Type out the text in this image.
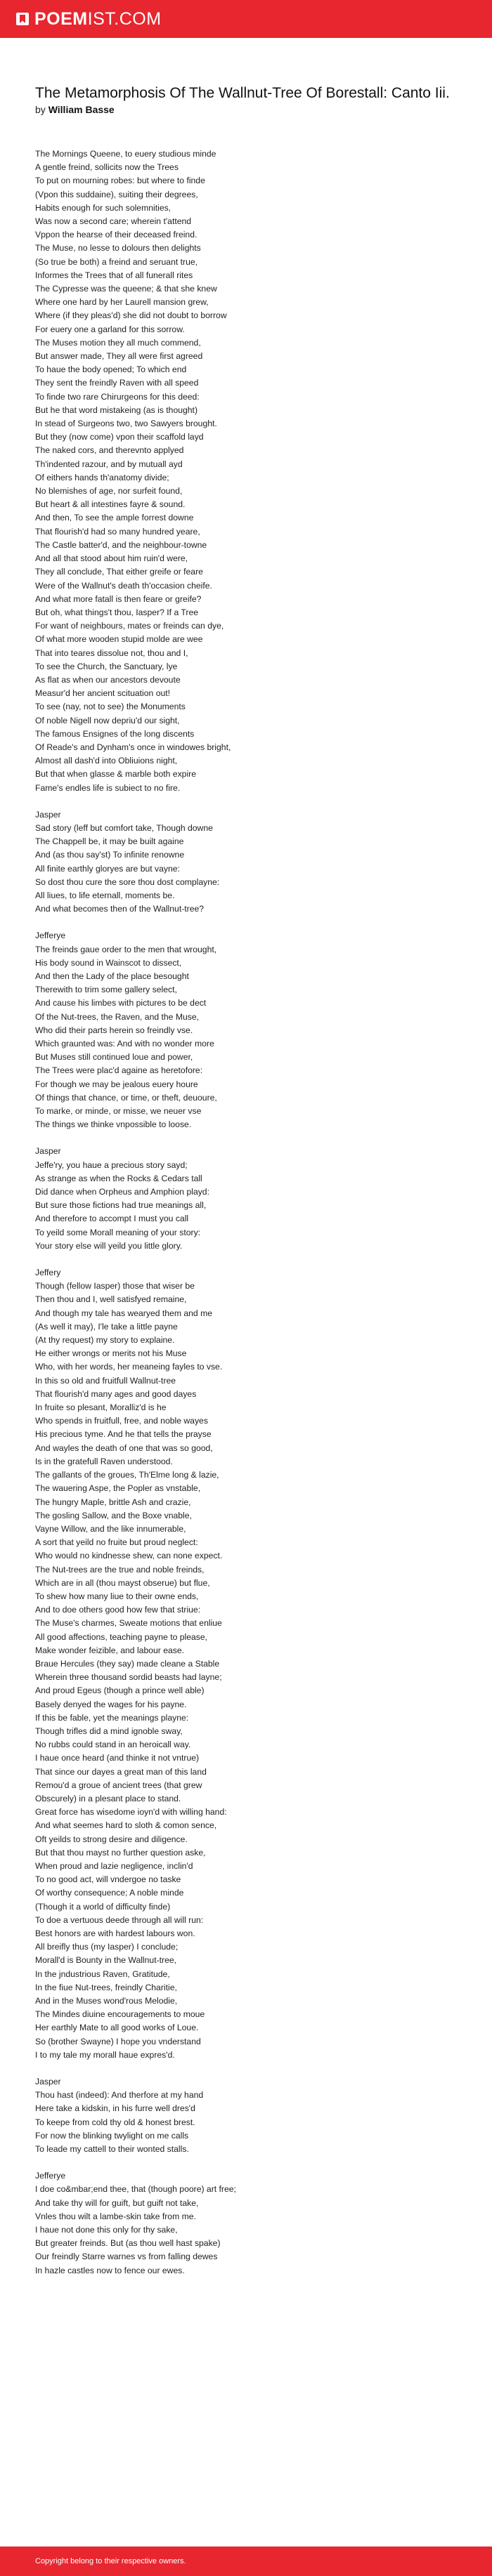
POEMIST.COM
The Metamorphosis Of The Wallnut-Tree Of Borestall: Canto Iii.

by William Basse

The Mornings Queene, to euery studious minde
A gentle freind, sollicits now the Trees
To put on mourning robes: but where to finde
(Vpon this suddaine), suiting their degrees,
Habits enough for such solemnities,
Was now a second care; wherein t'attend
Vppon the hearse of their deceased freind.
The Muse, no lesse to dolours then delights
(So true be both) a freind and seruant true,
Informes the Trees that of all funerall rites
The Cypresse was the queene; & that she knew
Where one hard by her Laurell mansion grew,
Where (if they pleas'd) she did not doubt to borrow
For euery one a garland for this sorrow.
The Muses motion they all much commend,
But answer made, They all were first agreed
To haue the body opened; To which end
They sent the freindly Raven with all speed
To finde two rare Chirurgeons for this deed:
But he that word mistakeing (as is thought)
In stead of Surgeons two, two Sawyers brought.
But they (now come) vpon their scaffold layd
The naked cors, and therevnto applyed
Th'indented razour, and by mutuall ayd
Of eithers hands th'anatomy divide;
No blemishes of age, nor surfeit found,
But heart & all intestines fayre & sound.
And then, To see the ample forrest downe
That flourish'd had so many hundred yeare,
The Castle batter'd, and the neighbour-towne
And all that stood about him ruin'd were,
They all conclude, That either greife or feare
Were of the Wallnut's death th'occasion cheife.
And what more fatall is then feare or greife?
But oh, what things't thou, Iasper? If a Tree
For want of neighbours, mates or freinds can dye,
Of what more wooden stupid molde are wee
That into teares dissolue not, thou and I,
To see the Church, the Sanctuary, lye
As flat as when our ancestors devoute
Measur'd her ancient scituation out!
To see (nay, not to see) the Monuments
Of noble Nigell now depriu'd our sight,
The famous Ensignes of the long discents
Of Reade's and Dynham's once in windowes bright,
Almost all dash'd into Obliuions night,
But that when glasse & marble both expire
Fame's endles life is subiect to no fire.
Jasper
Sad story (leff but comfort take, Though downe
The Chappell be, it may be built againe
And (as thou say'st) To infinite renowne
All finite earthly gloryes are but vayne:
So dost thou cure the sore thou dost complayne:
All liues, to life eternall, moments be.
And what becomes then of the Wallnut-tree?
Jefferye
The freinds gaue order to the men that wrought,
His body sound in Wainscot to dissect,
And then the Lady of the place besought
Therewith to trim some gallery select,
And cause his limbes with pictures to be dect
Of the Nut-trees, the Raven, and the Muse,
Who did their parts herein so freindly vse.
Which graunted was: And with no wonder more
But Muses still continued loue and power,
The Trees were plac'd againe as heretofore:
For though we may be jealous euery houre
Of things that chance, or time, or theft, deuoure,
To marke, or minde, or misse, we neuer vse
The things we thinke vnpossible to loose.
Jasper
Jeffe'ry, you haue a precious story sayd;
As strange as when the Rocks & Cedars tall
Did dance when Orpheus and Amphion playd:
But sure those fictions had true meanings all,
And therefore to accompt I must you call
To yeild some Morall meaning of your story:
Your story else will yeild you little glory.
Jeffery
Though (fellow Iasper) those that wiser be
Then thou and I, well satisfyed remaine,
And though my tale has wearyed them and me
(As well it may), I'le take a little payne
(At thy request) my story to explaine.
He either wrongs or merits not his Muse
Who, with her words, her meaneing fayles to vse.
In this so old and fruitfull Wallnut-tree
That flourish'd many ages and good dayes
In fruite so plesant, Moralliz'd is he
Who spends in fruitfull, free, and noble wayes
His precious tyme. And he that tells the prayse
And wayles the death of one that was so good,
Is in the gratefull Raven understood.
The gallants of the groues, Th'Elme long & lazie,
The wauering Aspe, the Popler as vnstable,
The hungry Maple, brittle Ash and crazie,
The gosling Sallow, and the Boxe vnable,
Vayne Willow, and the like innumerable,
A sort that yeild no fruite but proud neglect:
Who would no kindnesse shew, can none expect.
The Nut-trees are the true and noble freinds,
Which are in all (thou mayst obserue) but flue,
To shew how many liue to their owne ends,
And to doe others good how few that striue:
The Muse's charmes, Sweate motions that enliue
All good affections, teaching payne to please,
Make wonder feizible, and labour ease.
Braue Hercules (they say) made cleane a Stable
Wherein three thousand sordid beasts had layne;
And proud Egeus (though a prince well able)
Basely denyed the wages for his payne.
If this be fable, yet the meanings playne:
Though trifles did a mind ignoble sway,
No rubbs could stand in an heroicall way.
I haue once heard (and thinke it not vntrue)
That since our dayes a great man of this land
Remou'd a groue of ancient trees (that grew
Obscurely) in a plesant place to stand.
Great force has wisedome ioyn'd with willing hand:
And what seemes hard to sloth & comon sence,
Oft yeilds to strong desire and diligence.
But that thou mayst no further question aske,
When proud and lazie negligence, inclin'd
To no good act, will vndergoe no taske
Of worthy consequence; A noble minde
(Though it a world of difficulty finde)
To doe a vertuous deede through all will run:
Best honors are with hardest labours won.
All breifly thus (my Iasper) I conclude;
Morall'd is Bounty in the Wallnut-tree,
In the jndustrious Raven, Gratitude,
In the fiue Nut-trees, freindly Charitie,
And in the Muses wond'rous Melodie,
The Mindes diuine encouragements to moue
Her earthly Mate to all good works of Loue.
So (brother Swayne) I hope you vnderstand
I to my tale my morall haue expres'd.
Jasper
Thou hast (indeed): And therfore at my hand
Here take a kidskin, in his furre well dres'd
To keepe from cold thy old & honest brest.
For now the blinking twylight on me calls
To leade my cattell to their wonted stalls.
Jefferye
I doe co&mbar;end thee, that (though poore) art free;
And take thy will for guift, but guift not take,
Vnles thou wilt a lambe-skin take from me.
I haue not done this only for thy sake,
But greater freinds. But (as thou well hast spake)
Our freindly Starre warnes vs from falling dewes
In hazle castles now to fence our ewes.
Copyright belong to their respective owners.
